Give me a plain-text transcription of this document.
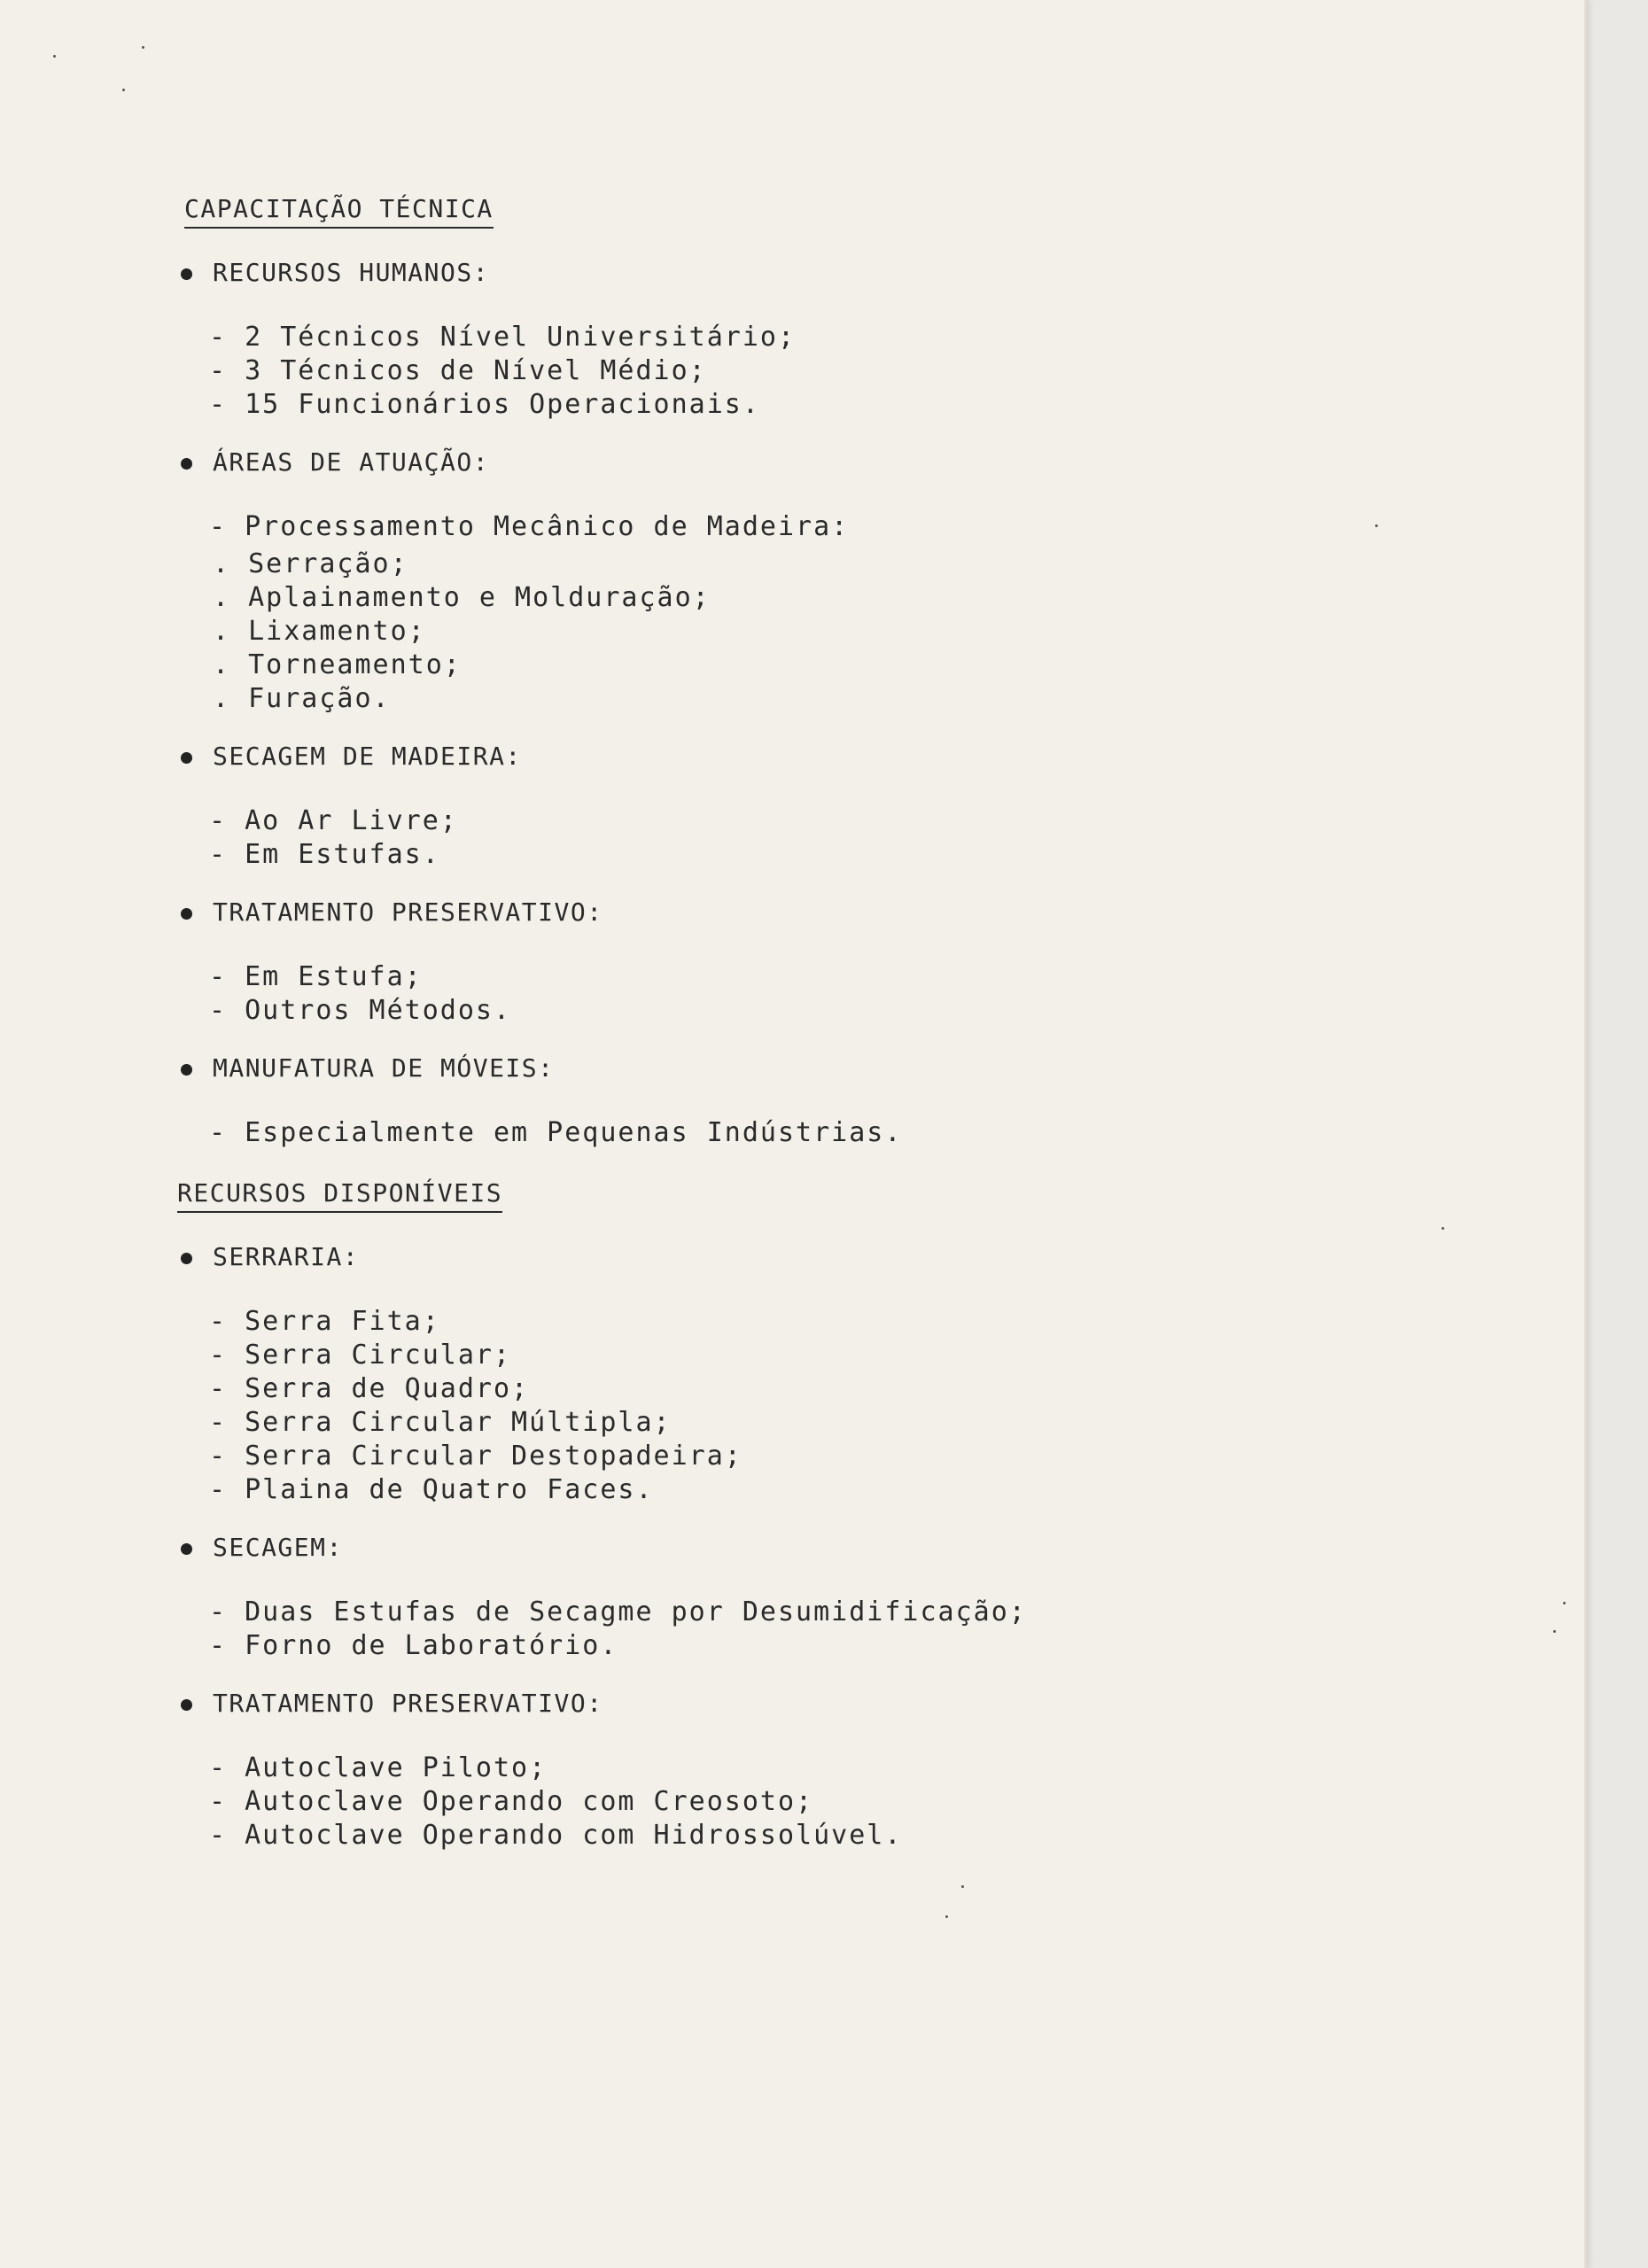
CAPACITAÇÃO TÉCNICA
RECURSOS HUMANOS:
- 2 Técnicos Nível Universitário;
- 3 Técnicos de Nível Médio;
- 15 Funcionários Operacionais.
ÁREAS DE ATUAÇÃO:
- Processamento Mecânico de Madeira:
. Serração;
. Aplainamento e Molduração;
. Lixamento;
. Torneamento;
. Furação.
SECAGEM DE MADEIRA:
- Ao Ar Livre;
- Em Estufas.
TRATAMENTO PRESERVATIVO:
- Em Estufa;
- Outros Métodos.
MANUFATURA DE MÓVEIS:
- Especialmente em Pequenas Indústrias.
RECURSOS DISPONÍVEIS
SERRARIA:
- Serra Fita;
- Serra Circular;
- Serra de Quadro;
- Serra Circular Múltipla;
- Serra Circular Destopadeira;
- Plaina de Quatro Faces.
SECAGEM:
- Duas Estufas de Secagme por Desumidificação;
- Forno de Laboratório.
TRATAMENTO PRESERVATIVO:
- Autoclave Piloto;
- Autoclave Operando com Creosoto;
- Autoclave Operando com Hidrossolúvel.
